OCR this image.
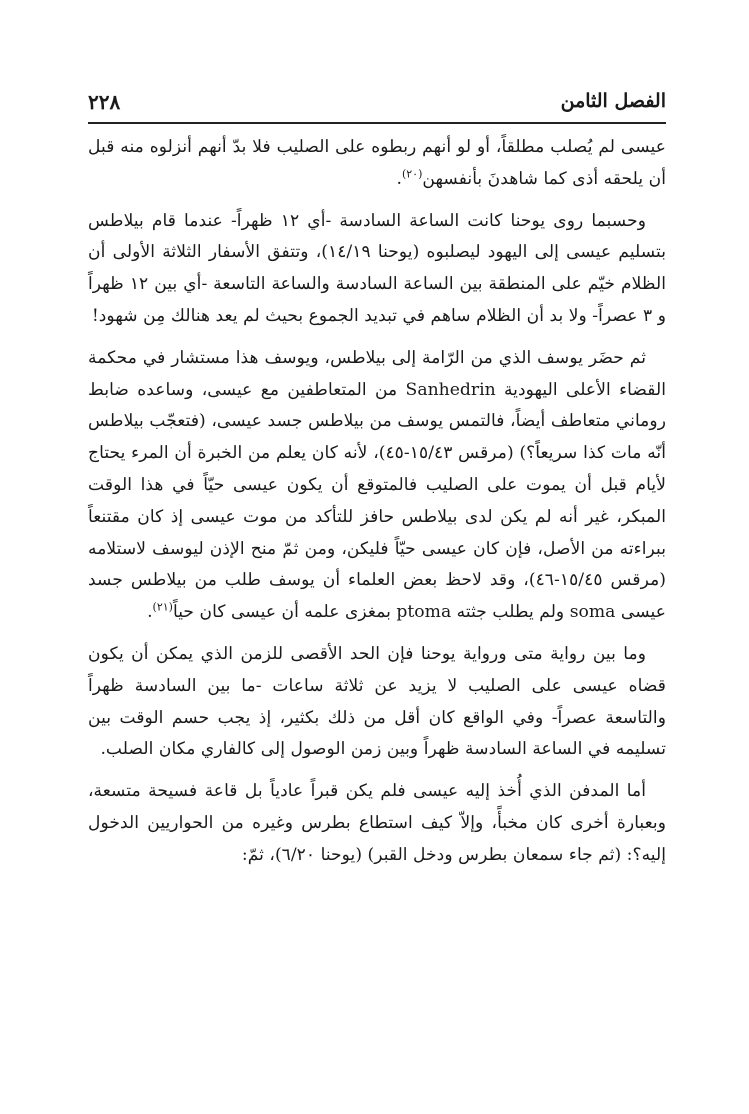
الفصل الثامن
٢٢٨

عيسى لم يُصلب مطلقاً، أو لو أنهم ربطوه على الصليب فلا بدّ أنهم أنزلوه منه قبل أن يلحقه أذى كما شاهدنَ بأنفسهن$^{(٢٠)}$.

وحسبما روى يوحنا كانت الساعة السادسة -أي ١٢ ظهراً- عندما قام بيلاطس بتسليم عيسى إلى اليهود ليصلبوه (يوحنا ١٤/١٩)، وتتفق الأسفار الثلاثة الأولى أن الظلام خيّم على المنطقة بين الساعة السادسة والساعة التاسعة -أي بين ١٢ ظهراً و ٣ عصراً- ولا بد أن الظلام ساهم في تبديد الجموع بحيث لم يعد هنالك مِن شهود!

ثم حضَر يوسف الذي من الرّامة إلى بيلاطس، ويوسف هذا مستشار في محكمة القضاء الأعلى اليهودية Sanhedrin من المتعاطفين مع عيسى، وساعده ضابط روماني متعاطف أيضاً، فالتمس يوسف من بيلاطس جسد عيسى، (فتعجّب بيلاطس أنّه مات كذا سريعاً؟) (مرقس ١٥/٤٣-٤٥)، لأنه كان يعلم من الخبرة أن المرء يحتاج لأيام قبل أن يموت على الصليب فالمتوقع أن يكون عيسى حيّاً في هذا الوقت المبكر، غير أنه لم يكن لدى بيلاطس حافز للتأكد من موت عيسى إذ كان مقتنعاً ببراءته من الأصل، فإن كان عيسى حيّاً فليكن، ومن ثمّ منح الإذن ليوسف لاستلامه (مرقس ١٥/٤٥-٤٦)، وقد لاحظ بعض العلماء أن يوسف طلب من بيلاطس جسد عيسى soma ولم يطلب جثته ptoma بمغزى علمه أن عيسى كان حياً$^{(٢١)}$.

وما بين رواية متى ورواية يوحنا فإن الحد الأقصى للزمن الذي يمكن أن يكون قضاه عيسى على الصليب لا يزيد عن ثلاثة ساعات -ما بين السادسة ظهراً والتاسعة عصراً- وفي الواقع كان أقل من ذلك بكثير، إذ يجب حسم الوقت بين تسليمه في الساعة السادسة ظهراً وبين زمن الوصول إلى كالفاري مكان الصلب.

أما المدفن الذي أُخذ إليه عيسى فلم يكن قبراً عادياً بل قاعة فسيحة متسعة، وبعبارة أخرى كان مخبأً، وإلاّ كيف استطاع بطرس وغيره من الحواريين الدخول إليه؟: (ثم جاء سمعان بطرس ودخل القبر) (يوحنا ٦/٢٠)، ثمّ:
